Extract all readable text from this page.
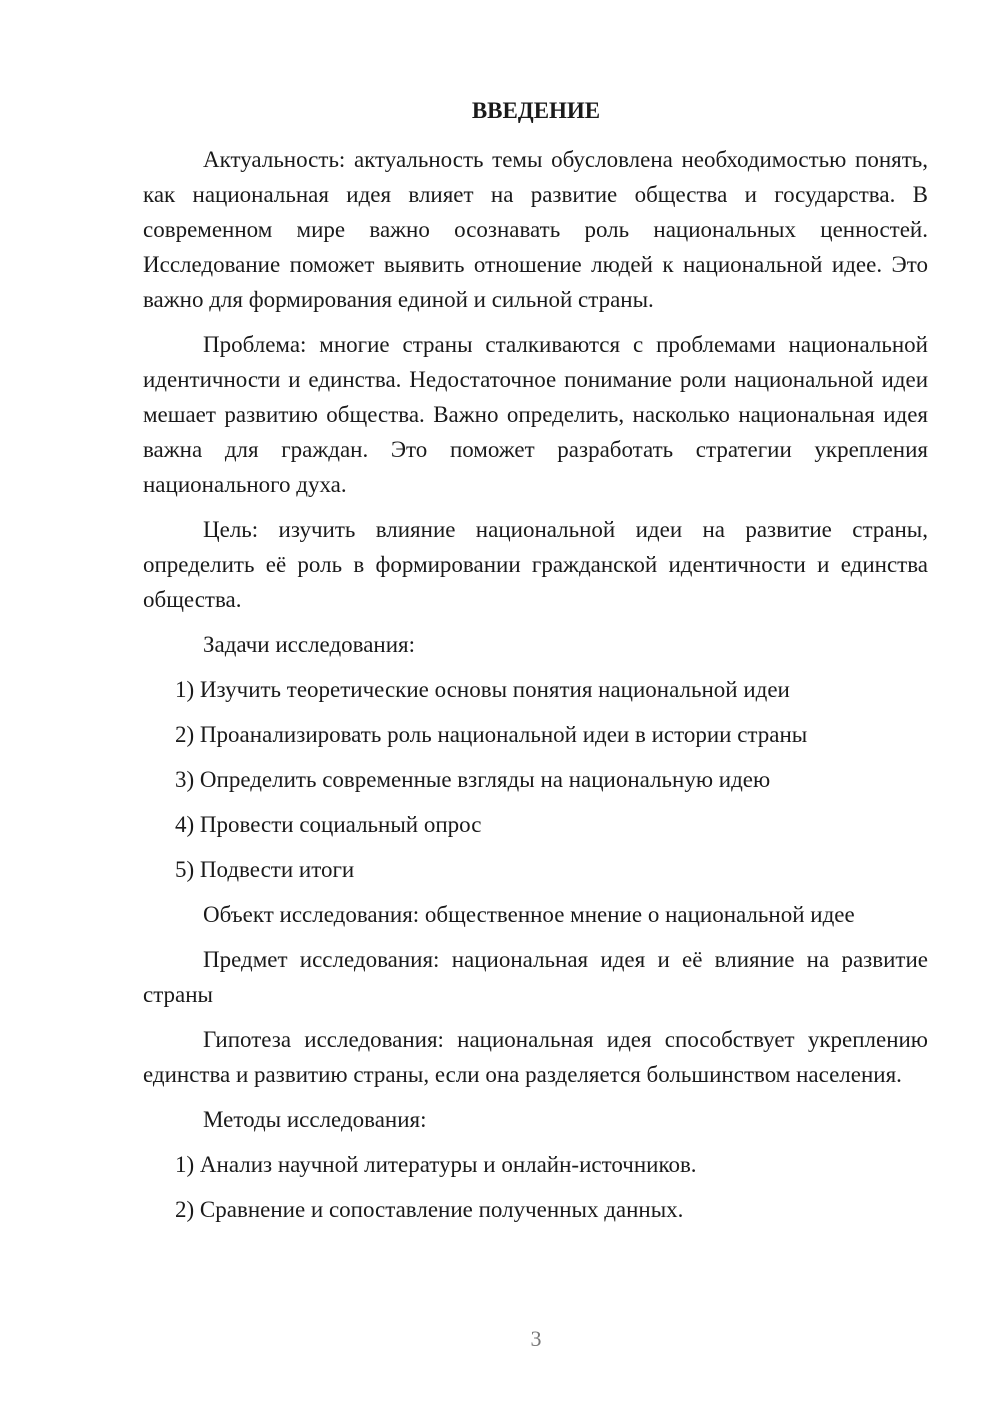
ВВЕДЕНИЕ

Актуальность: актуальность темы обусловлена необходимостью понять, как национальная идея влияет на развитие общества и государства. В современном мире важно осознавать роль национальных ценностей. Исследование поможет выявить отношение людей к национальной идее. Это важно для формирования единой и сильной страны.

Проблема: многие страны сталкиваются с проблемами национальной идентичности и единства. Недостаточное понимание роли национальной идеи мешает развитию общества. Важно определить, насколько национальная идея важна для граждан. Это поможет разработать стратегии укрепления национального духа.

Цель: изучить влияние национальной идеи на развитие страны, определить её роль в формировании гражданской идентичности и единства общества.

Задачи исследования:

1) Изучить теоретические основы понятия национальной идеи
2) Проанализировать роль национальной идеи в истории страны
3) Определить современные взгляды на национальную идею
4) Провести социальный опрос
5) Подвести итоги

Объект исследования: общественное мнение о национальной идее

Предмет исследования: национальная идея и её влияние на развитие страны

Гипотеза исследования: национальная идея способствует укреплению единства и развитию страны, если она разделяется большинством населения.

Методы исследования:

1) Анализ научной литературы и онлайн-источников.
2) Сравнение и сопоставление полученных данных.
3
